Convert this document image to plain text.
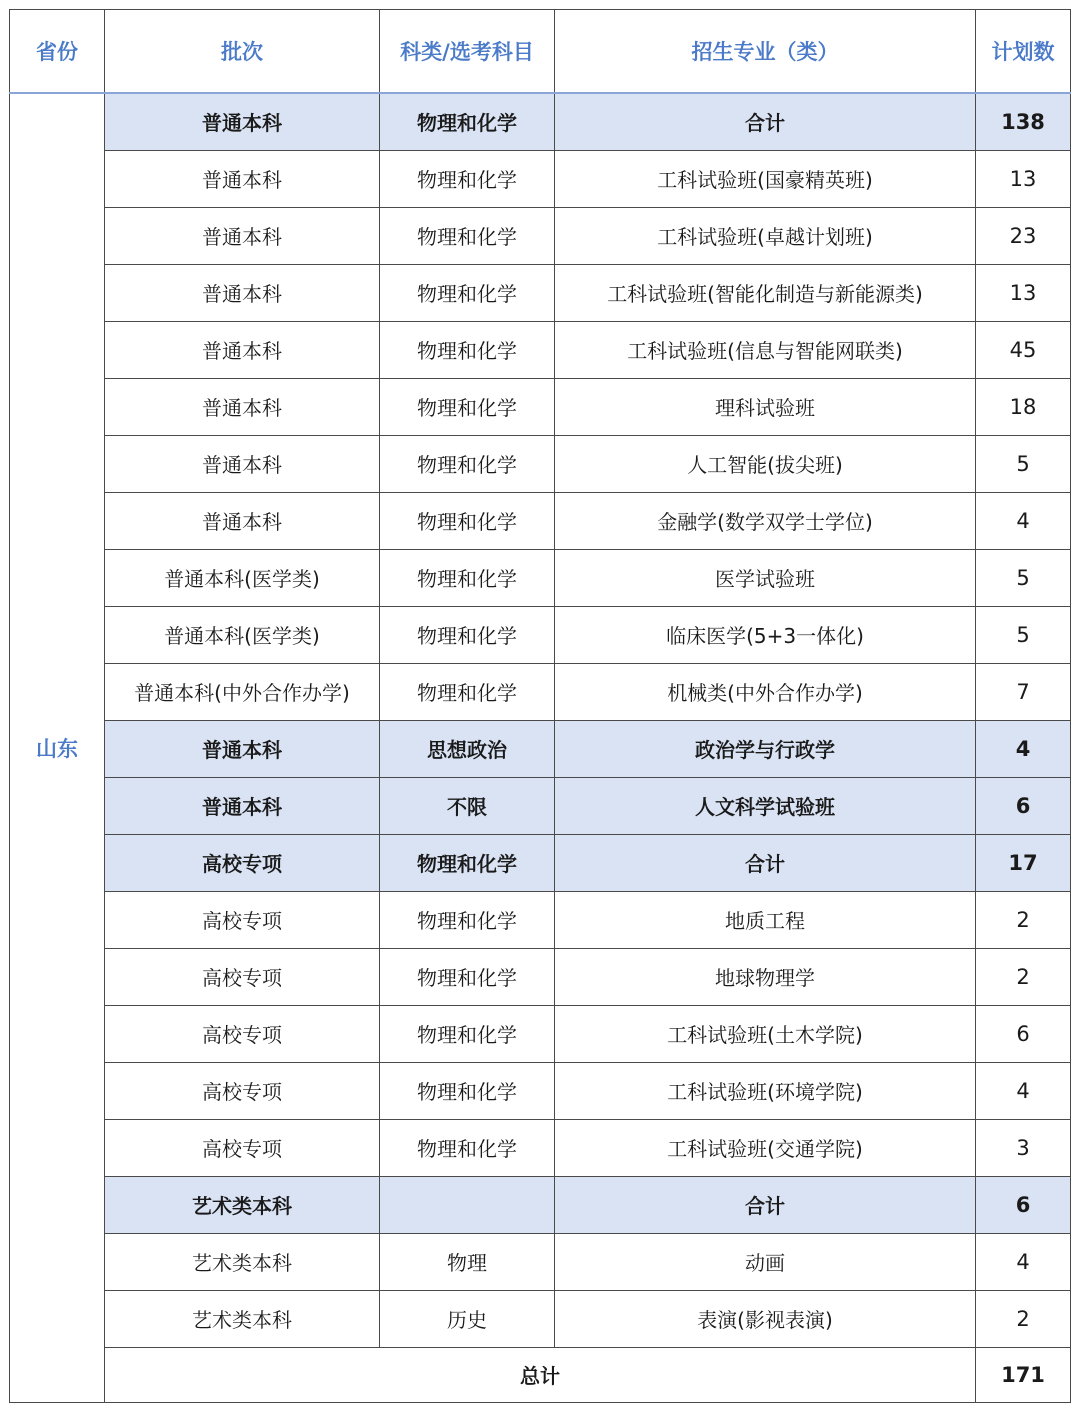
省份	批次	科类/选考科目	招生专业（类）	计划数
山东	普通本科	物理和化学	合计	138
	普通本科	物理和化学	工科试验班(国豪精英班)	13
	普通本科	物理和化学	工科试验班(卓越计划班)	23
	普通本科	物理和化学	工科试验班(智能化制造与新能源类)	13
	普通本科	物理和化学	工科试验班(信息与智能网联类)	45
	普通本科	物理和化学	理科试验班	18
	普通本科	物理和化学	人工智能(拔尖班)	5
	普通本科	物理和化学	金融学(数学双学士学位)	4
	普通本科(医学类)	物理和化学	医学试验班	5
	普通本科(医学类)	物理和化学	临床医学(5+3一体化)	5
	普通本科(中外合作办学)	物理和化学	机械类(中外合作办学)	7
	普通本科	思想政治	政治学与行政学	4
	普通本科	不限	人文科学试验班	6
	高校专项	物理和化学	合计	17
	高校专项	物理和化学	地质工程	2
	高校专项	物理和化学	地球物理学	2
	高校专项	物理和化学	工科试验班(土木学院)	6
	高校专项	物理和化学	工科试验班(环境学院)	4
	高校专项	物理和化学	工科试验班(交通学院)	3
	艺术类本科		合计	6
	艺术类本科	物理	动画	4
	艺术类本科	历史	表演(影视表演)	2
	总计			171
